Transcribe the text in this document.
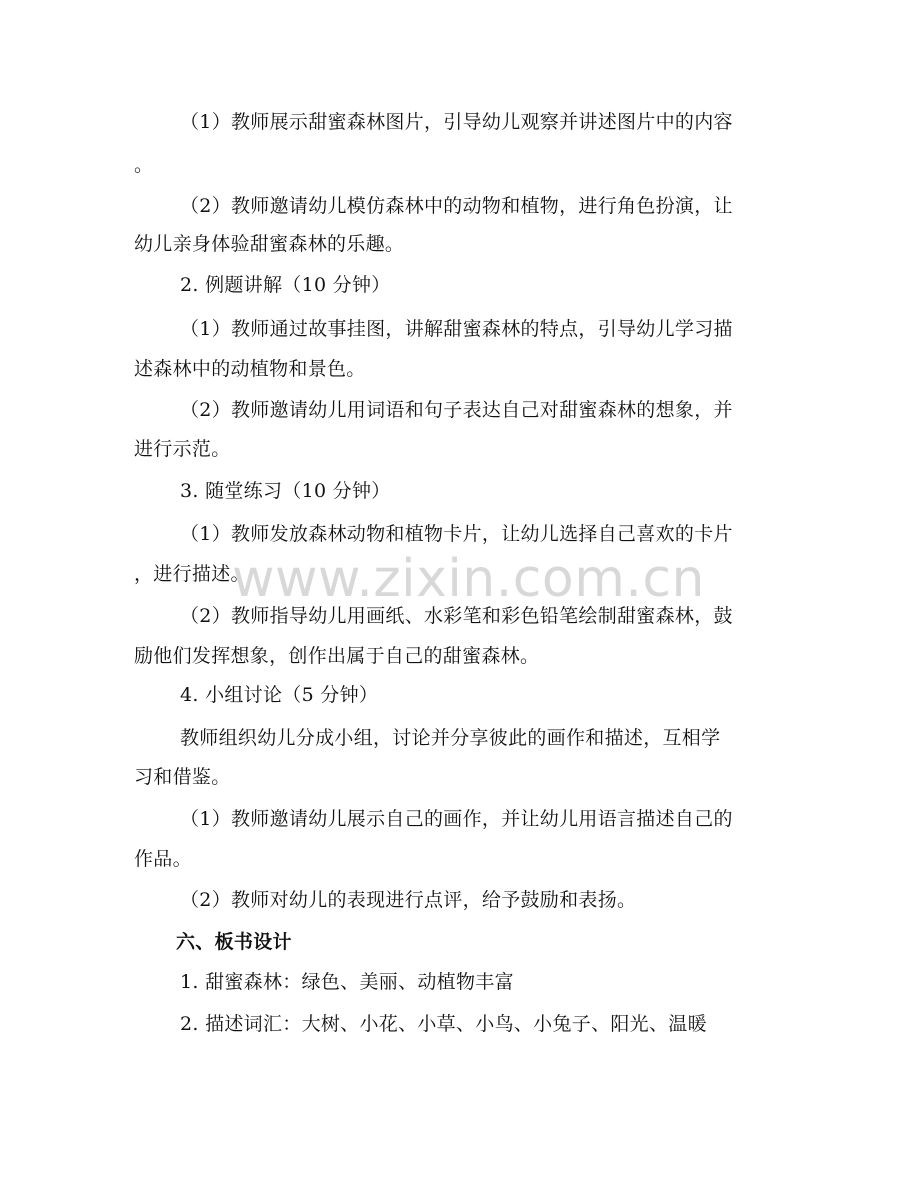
（1）教师展示甜蜜森林图片，引导幼儿观察并讲述图片中的内容
。
（2）教师邀请幼儿模仿森林中的动物和植物，进行角色扮演，让
幼儿亲身体验甜蜜森林的乐趣。
2. 例题讲解（10 分钟）
（1）教师通过故事挂图，讲解甜蜜森林的特点，引导幼儿学习描
述森林中的动植物和景色。
（2）教师邀请幼儿用词语和句子表达自己对甜蜜森林的想象，并
进行示范。
3. 随堂练习（10 分钟）
（1）教师发放森林动物和植物卡片，让幼儿选择自己喜欢的卡片
，进行描述。
（2）教师指导幼儿用画纸、水彩笔和彩色铅笔绘制甜蜜森林，鼓
励他们发挥想象，创作出属于自己的甜蜜森林。
4. 小组讨论（5 分钟）
教师组织幼儿分成小组，讨论并分享彼此的画作和描述，互相学
习和借鉴。
（1）教师邀请幼儿展示自己的画作，并让幼儿用语言描述自己的
作品。
（2）教师对幼儿的表现进行点评，给予鼓励和表扬。
六、板书设计
1. 甜蜜森林：绿色、美丽、动植物丰富
2. 描述词汇：大树、小花、小草、小鸟、小兔子、阳光、温暖
www.zixin.com.cn
